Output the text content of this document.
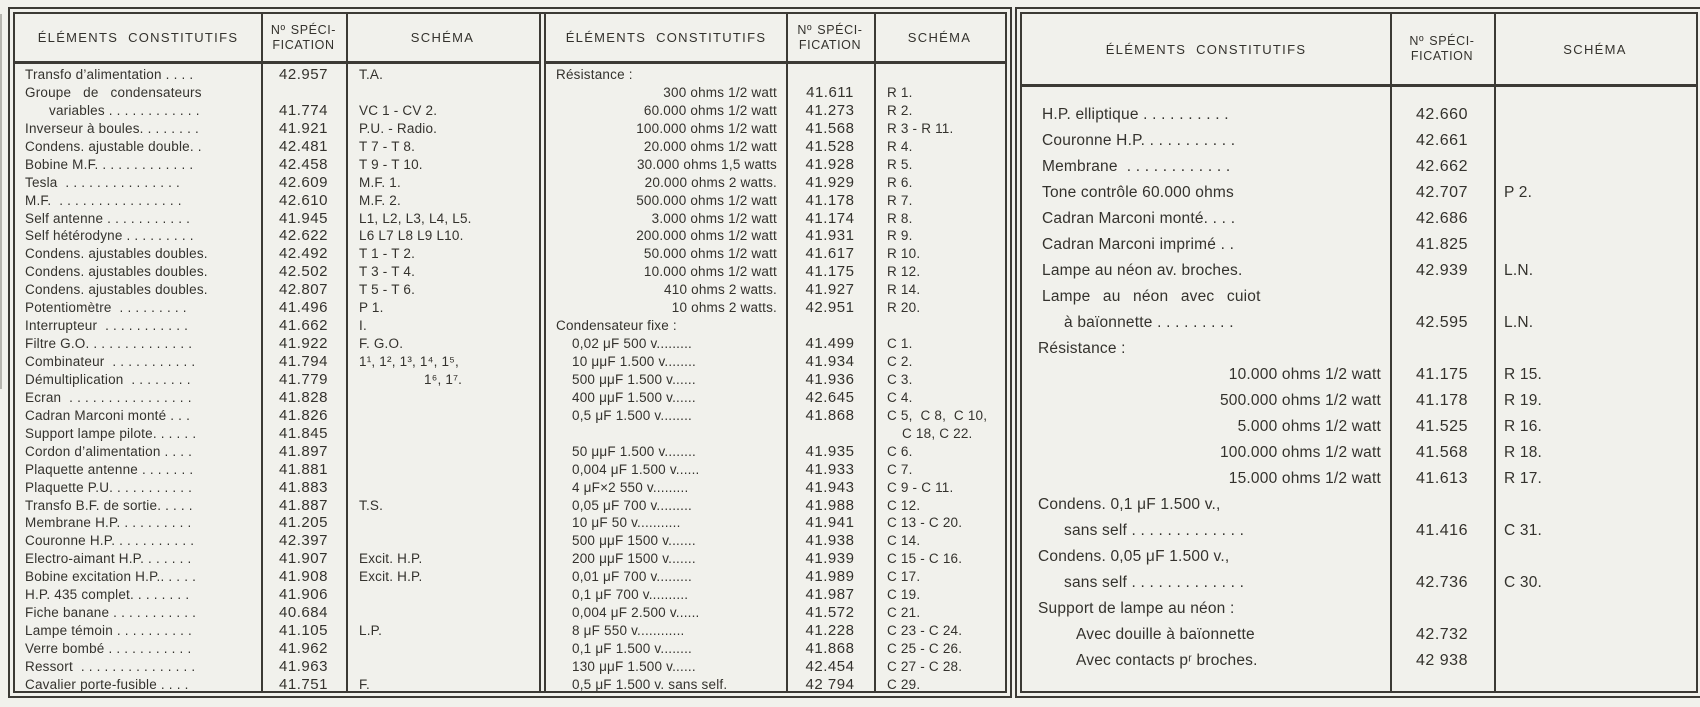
ÉLÉMENTS CONSTITUTIFS
Nº SPÉCI-
FICATION	SCHÉMA
Transfo d’alimentation . . . .	42.957	T.A.
Groupe de condensateurs
variables . . . . . . . . . . . .	41.774	VC 1 - CV 2.
Inverseur à boules. . . . . . . .	41.921	P.U. - Radio.
Condens. ajustable double. .	42.481	T 7 - T 8.
Bobine M.F. . . . . . . . . . . . .	42.458	T 9 - T 10.
Tesla  . . . . . . . . . . . . . . .	42.609	M.F. 1.
M.F.  . . . . . . . . . . . . . . . .	42.610	M.F. 2.
Self antenne . . . . . . . . . . .	41.945	L1, L2, L3, L4, L5.
Self hétérodyne . . . . . . . . .	42.622	L6 L7 L8 L9 L10.
Condens. ajustables doubles.	42.492	T 1 - T 2.
Condens. ajustables doubles.	42.502	T 3 - T 4.
Condens. ajustables doubles.	42.807	T 5 - T 6.
Potentiomètre  . . . . . . . . .	41.496	P 1.
Interrupteur  . . . . . . . . . . .	41.662	I.
Filtre G.O. . . . . . . . . . . . . .	41.922	F. G.O.
Combinateur  . . . . . . . . . . .	41.794	1¹, 1², 1³, 1⁴, 1⁵,
Démultiplication  . . . . . . . .	41.779	1⁶, 1⁷.
Ecran  . . . . . . . . . . . . . . . .	41.828
Cadran Marconi monté . . .	41.826
Support lampe pilote. . . . . .	41.845
Cordon d’alimentation . . . .	41.897
Plaquette antenne . . . . . . .	41.881
Plaquette P.U. . . . . . . . . . .	41.883
Transfo B.F. de sortie. . . . .	41.887	T.S.
Membrane H.P. . . . . . . . . .	41.205
Couronne H.P. . . . . . . . . . .	42.397
Electro-aimant H.P. . . . . . .	41.907	Excit. H.P.
Bobine excitation H.P.. . . . .	41.908	Excit. H.P.
H.P. 435 complet. . . . . . . .	41.906
Fiche banane . . . . . . . . . . .	40.684
Lampe témoin . . . . . . . . . .	41.105	L.P.
Verre bombé . . . . . . . . . . .	41.962
Ressort  . . . . . . . . . . . . . . .	41.963
Cavalier porte-fusible . . . .	41.751	F.
ÉLÉMENTS CONSTITUTIFS
Nº SPÉCI-
FICATION	SCHÉMA
Résistance :
300 ohms 1/2 watt	41.611	R 1.
60.000 ohms 1/2 watt	41.273	R 2.
100.000 ohms 1/2 watt	41.568	R 3 - R 11.
20.000 ohms 1/2 watt	41.528	R 4.
30.000 ohms 1,5 watts	41.928	R 5.
20.000 ohms 2 watts.	41.929	R 6.
500.000 ohms 1/2 watt	41.178	R 7.
3.000 ohms 1/2 watt	41.174	R 8.
200.000 ohms 1/2 watt	41.931	R 9.
50.000 ohms 1/2 watt	41.617	R 10.
10.000 ohms 1/2 watt	41.175	R 12.
410 ohms 2 watts.	41.927	R 14.
10 ohms 2 watts.	42.951	R 20.
Condensateur fixe :
0,02 μF 500 v.........	41.499	C 1.
10 μμF 1.500 v........	41.934	C 2.
500 μμF 1.500 v......	41.936	C 3.
400 μμF 1.500 v......	42.645	C 4.
0,5 μF 1.500 v........	41.868	C 5,  C 8,  C 10,
C 18, C 22.
50 μμF 1.500 v........	41.935	C 6.
0,004 μF 1.500 v......	41.933	C 7.
4 μF×2 550 v.........	41.943	C 9 - C 11.
0,05 μF 700 v.........	41.988	C 12.
10 μF 50 v...........	41.941	C 13 - C 20.
500 μμF 1500 v.......	41.938	C 14.
200 μμF 1500 v.......	41.939	C 15 - C 16.
0,01 μF 700 v.........	41.989	C 17.
0,1 μF 700 v..........	41.987	C 19.
0,004 μF 2.500 v......	41.572	C 21.
8 μF 550 v............	41.228	C 23 - C 24.
0,1 μF 1.500 v........	41.868	C 25 - C 26.
130 μμF 1.500 v......	42.454	C 27 - C 28.
0,5 μF 1.500 v. sans self.	42 794	C 29.
ÉLÉMENTS CONSTITUTIFS
Nº SPÉCI-
FICATION	SCHÉMA
H.P. elliptique . . . . . . . . . .	42.660
Couronne H.P. . . . . . . . . . .	42.661
Membrane  . . . . . . . . . . . .	42.662
Tone contrôle 60.000 ohms	42.707	P 2.
Cadran Marconi monté. . . .	42.686
Cadran Marconi imprimé . .	41.825
Lampe au néon av. broches.	42.939	L.N.
Lampe au néon avec cuiot
à baïonnette . . . . . . . . .	42.595	L.N.
Résistance :
10.000 ohms 1/2 watt	41.175	R 15.
500.000 ohms 1/2 watt	41.178	R 19.
5.000 ohms 1/2 watt	41.525	R 16.
100.000 ohms 1/2 watt	41.568	R 18.
15.000 ohms 1/2 watt	41.613	R 17.
Condens. 0,1 μF 1.500 v.,
sans self . . . . . . . . . . . . .	41.416	C 31.
Condens. 0,05 μF 1.500 v.,
sans self . . . . . . . . . . . . .	42.736	C 30.
Support de lampe au néon :
Avec douille à baïonnette	42.732
Avec contacts pʳ broches.	42 938
